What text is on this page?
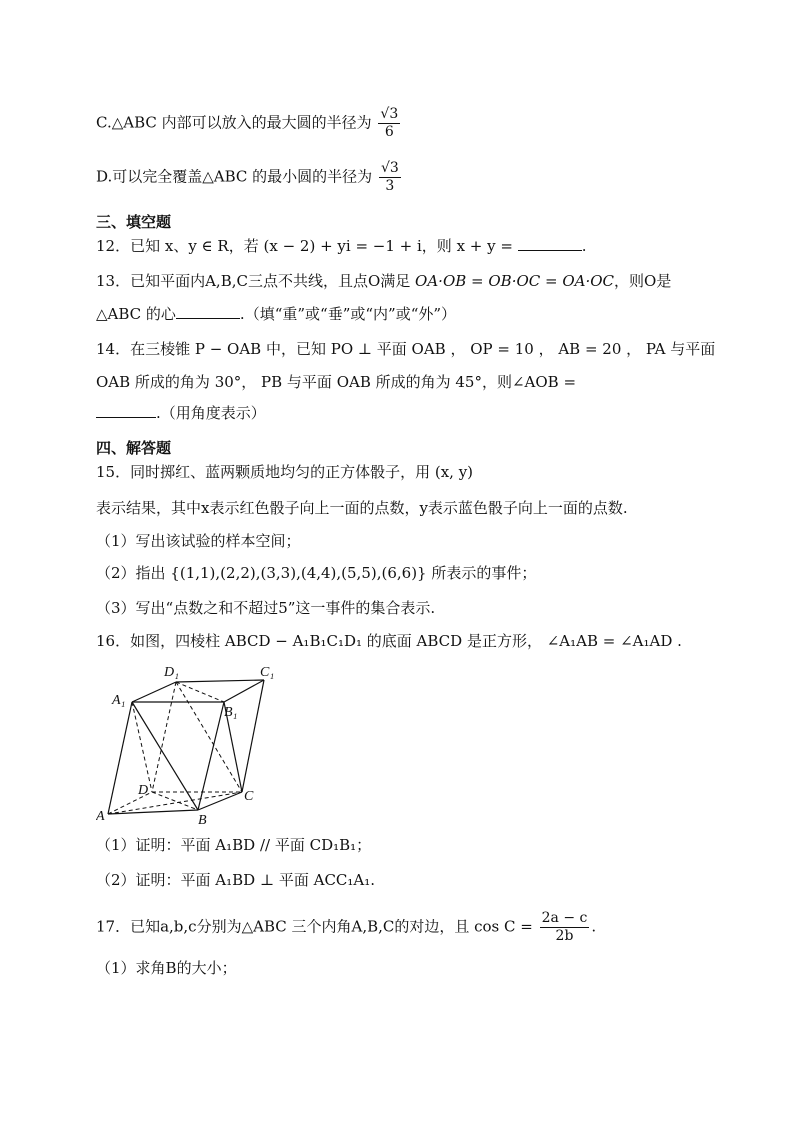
C.△ABC 内部可以放入的最大圆的半径为 $\frac{√3}{6}$
D.可以完全覆盖△ABC 的最小圆的半径为 $\frac{√3}{3}$
三、填空题
12．已知 x、y ∈ R，若 (x − 2) + yi = −1 + i，则 x + y =	.
13．已知平面内A,B,C三点不共线，且点O满足 OA·OB = OB·OC = OA·OC，则O是
△ABC 的心	.（填“重”或“垂”或“内”或“外”）
14．在三棱锥 P − OAB 中，已知 PO ⊥ 平面 OAB ， OP = 10 ， AB = 20 ， PA 与平面
OAB 所成的角为 30°， PB 与平面 OAB 所成的角为 45°，则∠AOB =
.（用角度表示）
四、解答题
15．同时掷红、蓝两颗质地均匀的正方体骰子，用 (x, y)
表示结果，其中x表示红色骰子向上一面的点数，y表示蓝色骰子向上一面的点数.
（1）写出该试验的样本空间；
（2）指出 {(1,1),(2,2),(3,3),(4,4),(5,5),(6,6)} 所表示的事件；
（3）写出“点数之和不超过5”这一事件的集合表示.
16．如图，四棱柱 ABCD − A₁B₁C₁D₁ 的底面 ABCD 是正方形， ∠A₁AB = ∠A₁AD .
D₁	C₁
A₁
B₁
D	C
A	B
（1）证明：平面 A₁BD // 平面 CD₁B₁；
（2）证明：平面 A₁BD ⊥ 平面 ACC₁A₁.
17．已知a,b,c分别为△ABC 三个内角A,B,C的对边，且 $\cos C = \frac{2a - c}{2b}$ .
（1）求角B的大小；
